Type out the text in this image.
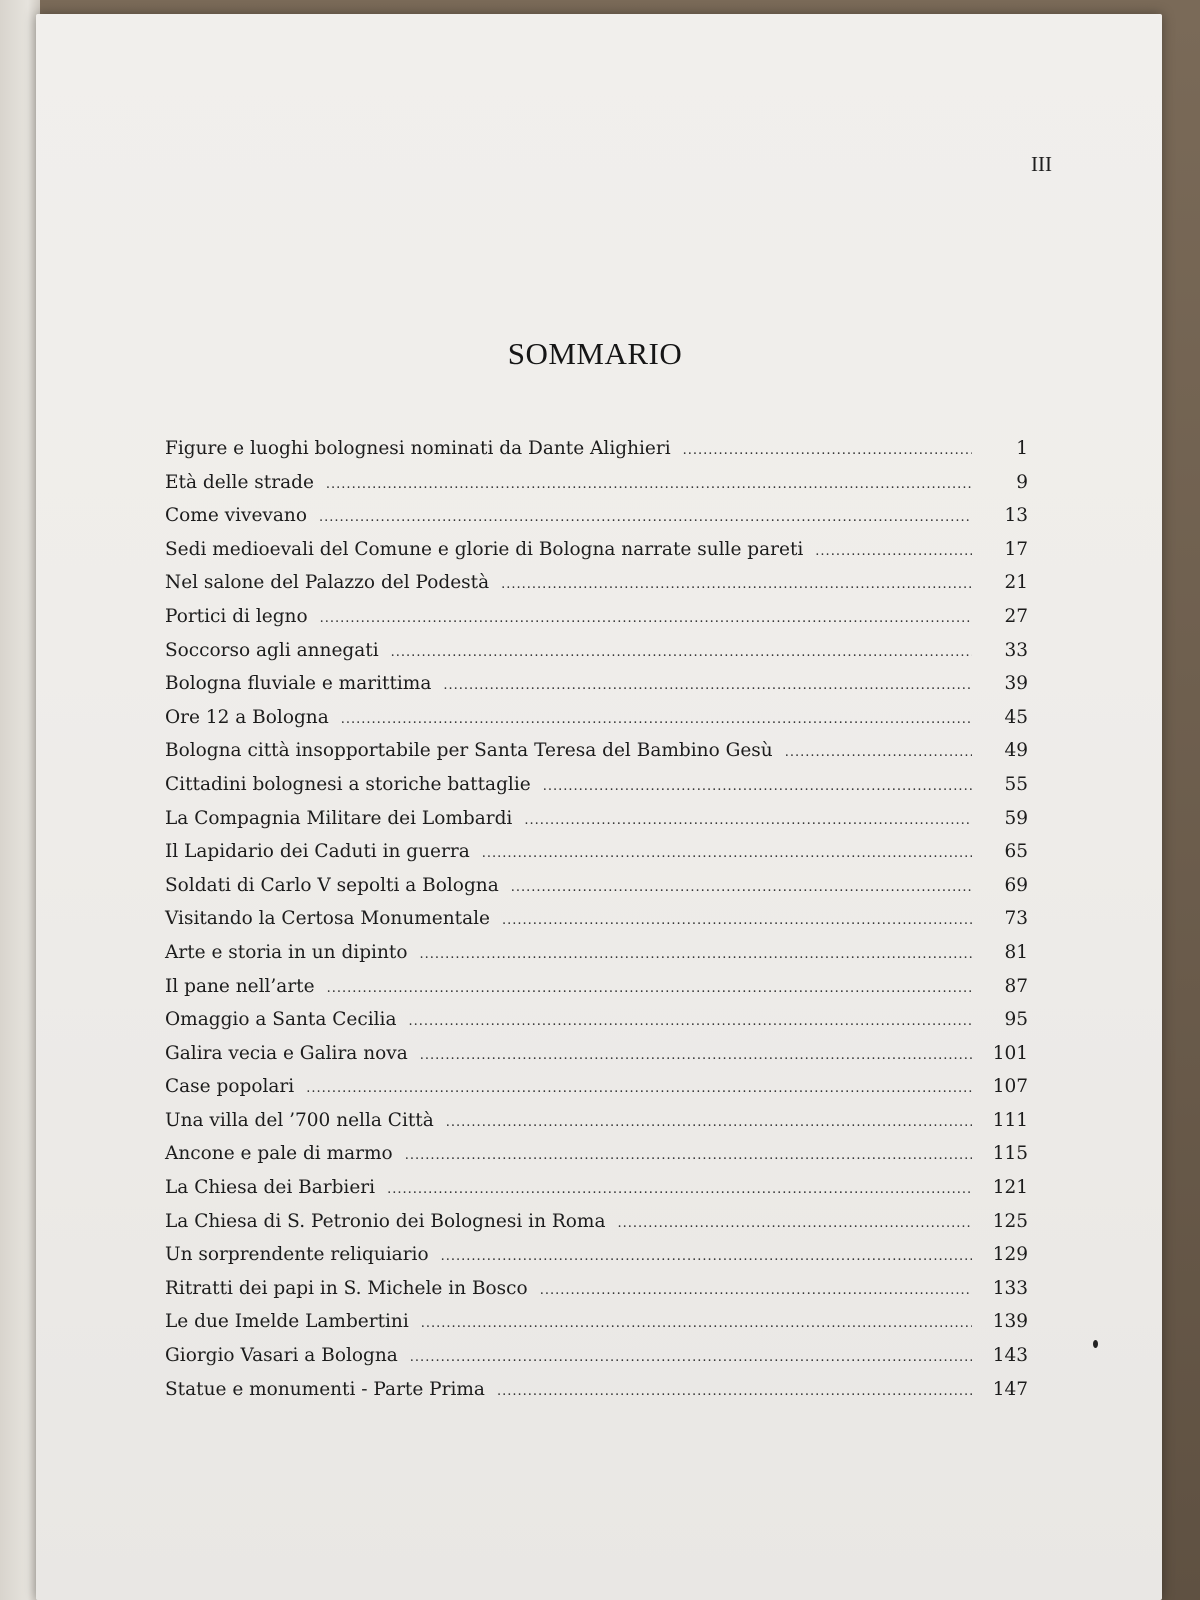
III
SOMMARIO
Figure e luoghi bolognesi nominati da Dante Alighieri .....	1
Età delle strade .....	9
Come vivevano .....	13
Sedi medioevali del Comune e glorie di Bologna narrate sulle pareti .....	17
Nel salone del Palazzo del Podestà .....	21
Portici di legno .....	27
Soccorso agli annegati .....	33
Bologna fluviale e marittima .....	39
Ore 12 a Bologna .....	45
Bologna città insopportabile per Santa Teresa del Bambino Gesù .....	49
Cittadini bolognesi a storiche battaglie .....	55
La Compagnia Militare dei Lombardi .....	59
Il Lapidario dei Caduti in guerra .....	65
Soldati di Carlo V sepolti a Bologna .....	69
Visitando la Certosa Monumentale .....	73
Arte e storia in un dipinto .....	81
Il pane nell’arte .....	87
Omaggio a Santa Cecilia .....	95
Galira vecia e Galira nova .....	101
Case popolari .....	107
Una villa del ’700 nella Città .....	111
Ancone e pale di marmo .....	115
La Chiesa dei Barbieri .....	121
La Chiesa di S. Petronio dei Bolognesi in Roma .....	125
Un sorprendente reliquiario .....	129
Ritratti dei papi in S. Michele in Bosco .....	133
Le due Imelde Lambertini .....	139
Giorgio Vasari a Bologna .....	143
Statue e monumenti - Parte Prima .....	147
